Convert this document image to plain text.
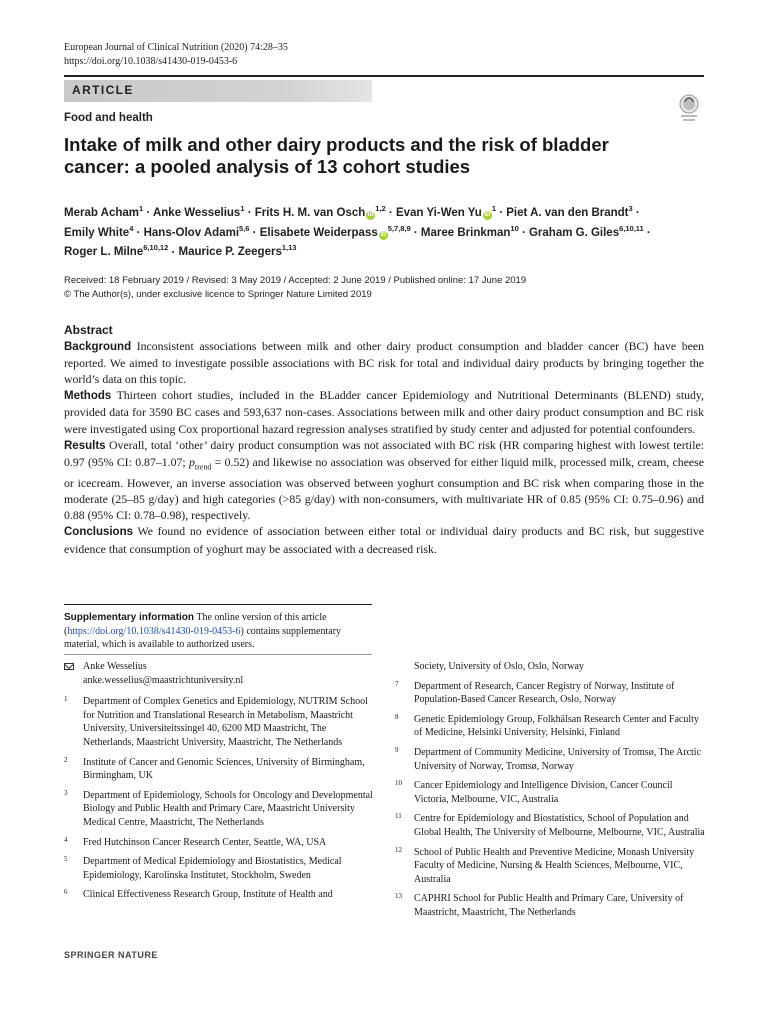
European Journal of Clinical Nutrition (2020) 74:28–35
https://doi.org/10.1038/s41430-019-0453-6
ARTICLE
Food and health
Intake of milk and other dairy products and the risk of bladder cancer: a pooled analysis of 13 cohort studies
Merab Acham$^1$ · Anke Wesselius$^1$ · Frits H. M. van Osch iD$^{1,2}$ · Evan Yi-Wen Yu $iD^1$ · Piet A. van den Brandt$^3$ ·
Emily White$^4$ · Hans-Olov Adami$^{5,6}$ · Elisabete Weiderpass iD$^{5,7,8,9}$ · Maree Brinkman$^{10}$ · Graham G. Giles$^{6,10,11}$ ·
Roger L. Milne$^{6,10,12}$ · Maurice P. Zeegers$^{1,13}$
Received: 18 February 2019 / Revised: 3 May 2019 / Accepted: 2 June 2019 / Published online: 17 June 2019
© The Author(s), under exclusive licence to Springer Nature Limited 2019
Abstract

Background Inconsistent associations between milk and other dairy product consumption and bladder cancer (BC) have been reported. We aimed to investigate possible associations with BC risk for total and individual dairy products by bringing together the world’s data on this topic.

Methods Thirteen cohort studies, included in the BLadder cancer Epidemiology and Nutritional Determinants (BLEND) study, provided data for 3590 BC cases and 593,637 non-cases. Associations between milk and other dairy product consumption and BC risk were investigated using Cox proportional hazard regression analyses stratified by study center and adjusted for potential confounders.

Results Overall, total ‘other’ dairy product consumption was not associated with BC risk (HR comparing highest with lowest tertile: 0.97 (95% CI: 0.87–1.07; $p_{trend} = 0.52$) and likewise no association was observed for either liquid milk, processed milk, cream, cheese or icecream. However, an inverse association was observed between yoghurt consumption and BC risk when comparing those in the moderate (25–85 g/day) and high categories (>85 g/day) with non-consumers, with multivariate HR of 0.85 (95% CI: 0.75–0.96) and 0.88 (95% CI: 0.78–0.98), respectively.

Conclusions We found no evidence of association between either total or individual dairy products and BC risk, but suggestive evidence that consumption of yoghurt may be associated with a decreased risk.

Supplementary information The online version of this article (https://doi.org/10.1038/s41430-019-0453-6) contains supplementary material, which is available to authorized users.
Anke Wesselius
anke.wesselius@maastrichtuniversity.nl
1 Department of Complex Genetics and Epidemiology, NUTRIM School for Nutrition and Translational Research in Metabolism, Maastricht University, Universiteitssingel 40, 6200 MD Maastricht, The Netherlands, Maastricht University, Maastricht, The Netherlands
2 Institute of Cancer and Genomic Sciences, University of Birmingham, Birmingham, UK
3 Department of Epidemiology, Schools for Oncology and Developmental Biology and Public Health and Primary Care, Maastricht University Medical Centre, Maastricht, The Netherlands
4 Fred Hutchinson Cancer Research Center, Seattle, WA, USA
5 Department of Medical Epidemiology and Biostatistics, Medical Epidemiology, Karolinska Institutet, Stockholm, Sweden
6 Clinical Effectiveness Research Group, Institute of Health and
Society, University of Oslo, Oslo, Norway
7 Department of Research, Cancer Registry of Norway, Institute of Population-Based Cancer Research, Oslo, Norway
8 Genetic Epidemiology Group, Folkhälsan Research Center and Faculty of Medicine, Helsinki University, Helsinki, Finland
9 Department of Community Medicine, University of Tromsø, The Arctic University of Norway, Tromsø, Norway
10 Cancer Epidemiology and Intelligence Division, Cancer Council Victoria, Melbourne, VIC, Australia
11 Centre for Epidemiology and Biostatistics, School of Population and Global Health, The University of Melbourne, Melbourne, VIC, Australia
12 School of Public Health and Preventive Medicine, Monash University Faculty of Medicine, Nursing & Health Sciences, Melbourne, VIC, Australia
13 CAPHRI School for Public Health and Primary Care, University of Maastricht, Maastricht, The Netherlands
SPRINGER NATURE
